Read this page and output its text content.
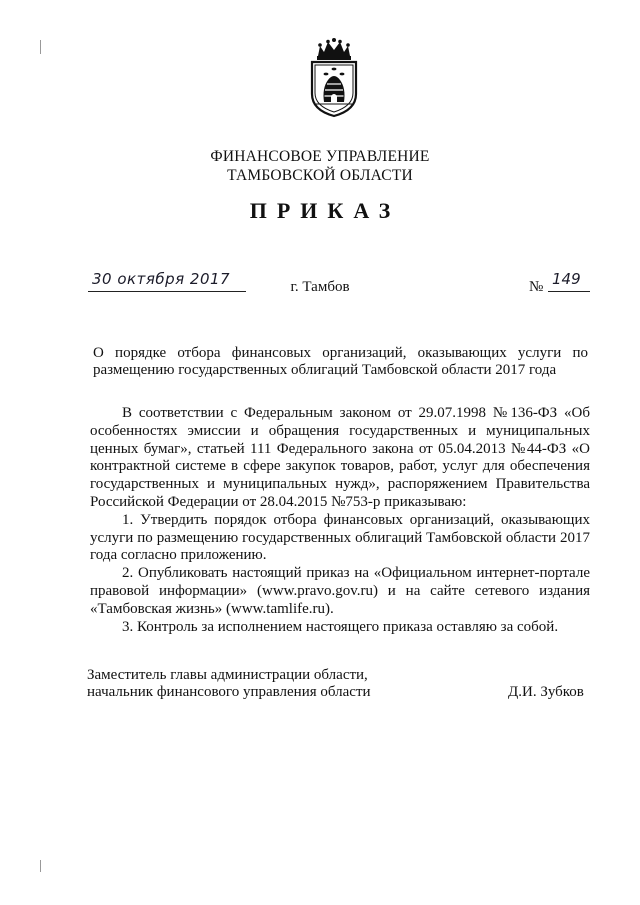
ФИНАНСОВОЕ УПРАВЛЕНИЕ
ТАМБОВСКОЙ ОБЛАСТИ
ПРИКАЗ
30 октября 2017	г. Тамбов	№ 149
О порядке отбора финансовых организаций, оказывающих услуги по размещению государственных облигаций Тамбовской области 2017 года

В соответствии с Федеральным законом от 29.07.1998 №136-ФЗ «Об особенностях эмиссии и обращения государственных и муниципальных ценных бумаг», статьей 111 Федерального закона от 05.04.2013 №44-ФЗ «О контрактной системе в сфере закупок товаров, работ, услуг для обеспечения государственных и муниципальных нужд», распоряжением Правительства Российской Федерации от 28.04.2015 №753-р приказываю:

1. Утвердить порядок отбора финансовых организаций, оказывающих услуги по размещению государственных облигаций Тамбовской области 2017 года согласно приложению.

2. Опубликовать настоящий приказ на «Официальном интернет-портале правовой информации» (www.pravo.gov.ru) и на сайте сетевого издания «Тамбовская жизнь» (www.tamlife.ru).

3. Контроль за исполнением настоящего приказа оставляю за собой.

Заместитель главы администрации области,
начальник финансового управления области	Д.И. Зубков
